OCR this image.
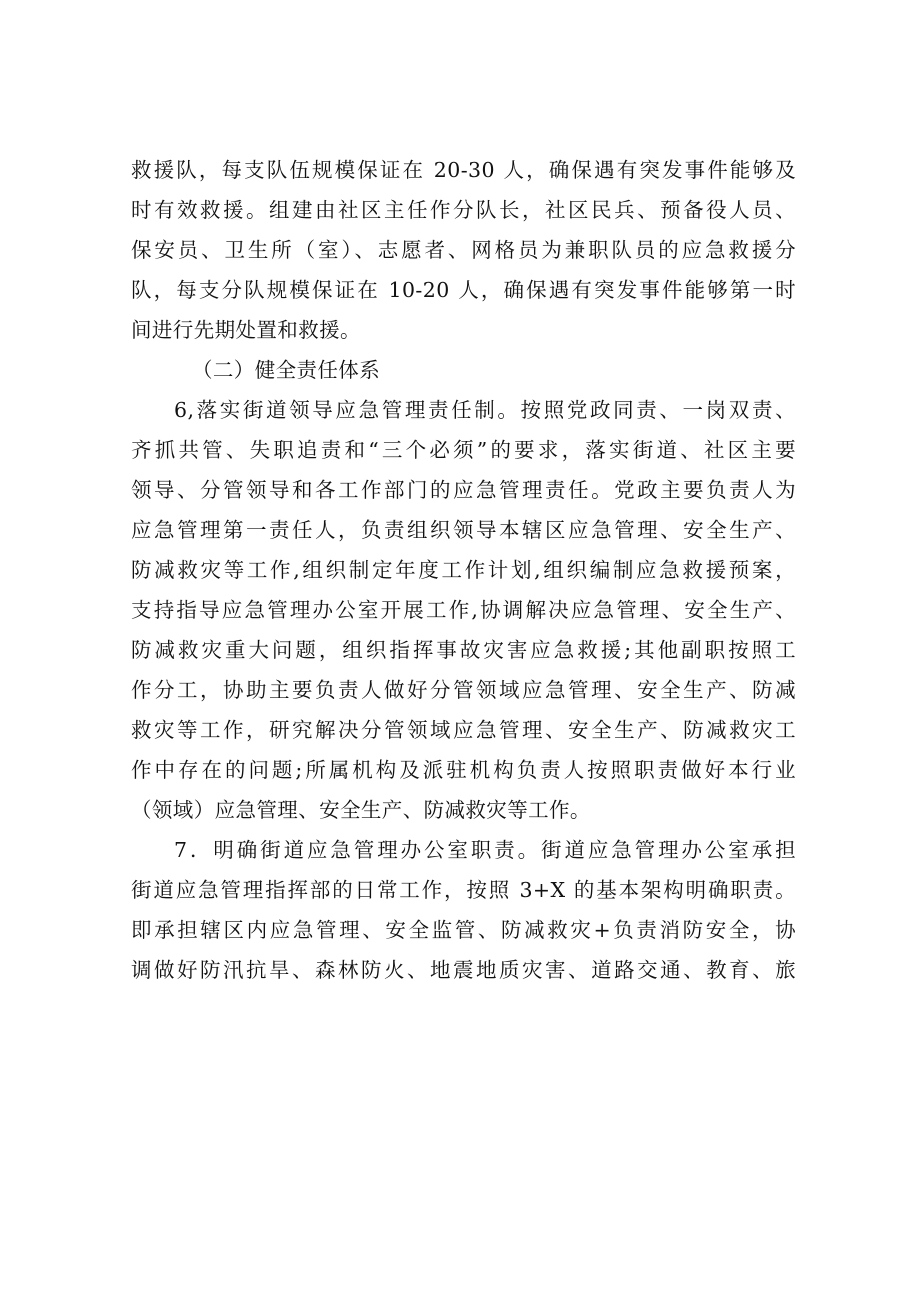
救援队，每支队伍规模保证在 20-30 人，确保遇有突发事件能够及
时有效救援。组建由社区主任作分队长，社区民兵、预备役人员、
保安员、卫生所（室）、志愿者、网格员为兼职队员的应急救援分
队，每支分队规模保证在 10-20 人，确保遇有突发事件能够第一时
间进行先期处置和救援。
（二）健全责任体系
6,落实街道领导应急管理责任制。按照党政同责、一岗双责、
齐抓共管、失职追责和“三个必须”的要求，落实街道、社区主要
领导、分管领导和各工作部门的应急管理责任。党政主要负责人为
应急管理第一责任人，负责组织领导本辖区应急管理、安全生产、
防减救灾等工作,组织制定年度工作计划,组织编制应急救援预案，
支持指导应急管理办公室开展工作,协调解决应急管理、安全生产、
防减救灾重大问题，组织指挥事故灾害应急救援;其他副职按照工
作分工，协助主要负责人做好分管领域应急管理、安全生产、防减
救灾等工作，研究解决分管领域应急管理、安全生产、防减救灾工
作中存在的问题;所属机构及派驻机构负责人按照职责做好本行业
（领域）应急管理、安全生产、防减救灾等工作。
7．明确街道应急管理办公室职责。街道应急管理办公室承担
街道应急管理指挥部的日常工作，按照 3+X 的基本架构明确职责。
即承担辖区内应急管理、安全监管、防减救灾+负责消防安全，协
调做好防汛抗旱、森林防火、地震地质灾害、道路交通、教育、旅
